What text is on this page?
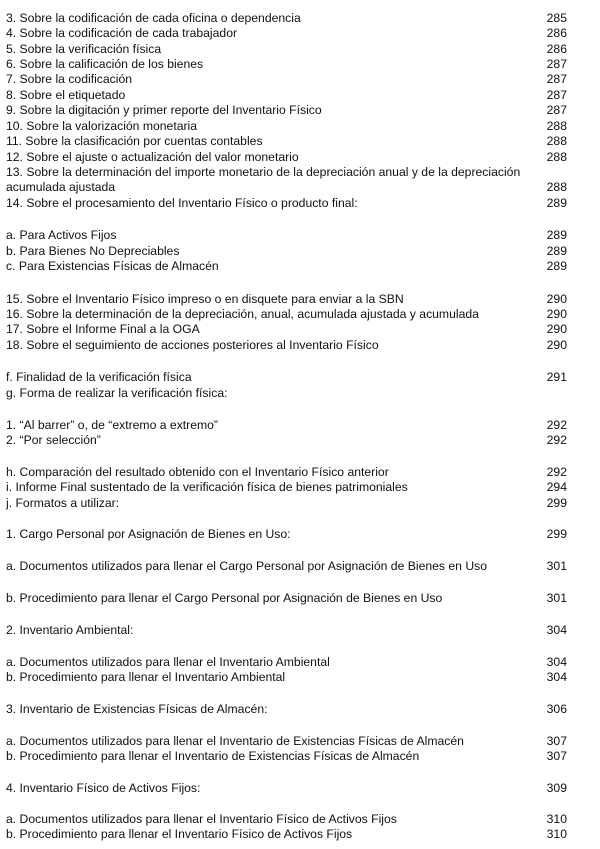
3. Sobre la codificación de cada oficina o dependencia	285
4. Sobre la codificación de cada trabajador	286
5. Sobre la verificación física	286
6. Sobre la calificación de los bienes	287
7. Sobre la codificación	287
8. Sobre el etiquetado	287
9. Sobre la digitación y primer reporte del Inventario Físico	287
10. Sobre la valorización monetaria	288
11. Sobre la clasificación por cuentas contables	288
12. Sobre el ajuste o actualización del valor monetario	288
13. Sobre la determinación del importe monetario de la depreciación anual y de la depreciación acumulada ajustada	288
14. Sobre el procesamiento del Inventario Físico o producto final:	289
a. Para Activos Fijos	289
b. Para Bienes No Depreciables	289
c. Para Existencias Físicas de Almacén	289
15. Sobre el Inventario Físico impreso o en disquete para enviar a la SBN	290
16. Sobre la determinación de la depreciación, anual, acumulada ajustada y acumulada	290
17. Sobre el Informe Final a la OGA	290
18. Sobre el seguimiento de acciones posteriores al Inventario Físico	290
f. Finalidad de la verificación física	291
g. Forma de realizar la verificación física:
1. “Al barrer” o, de “extremo a extremo”	292
2. “Por selección”	292
h. Comparación del resultado obtenido con el Inventario Físico anterior	292
i. Informe Final sustentado de la verificación física de bienes patrimoniales	294
j. Formatos a utilizar:	299
1. Cargo Personal por Asignación de Bienes en Uso:	299
a. Documentos utilizados para llenar el Cargo Personal por Asignación de Bienes en Uso	301
b. Procedimiento para llenar el Cargo Personal por Asignación de Bienes en Uso	301
2. Inventario Ambiental:	304
a. Documentos utilizados para llenar el Inventario Ambiental	304
b. Procedimiento para llenar el Inventario Ambiental	304
3. Inventario de Existencias Físicas de Almacén:	306
a. Documentos utilizados para llenar el Inventario de Existencias Físicas de Almacén	307
b. Procedimiento para llenar el Inventario de Existencias Físicas de Almacén	307
4. Inventario Físico de Activos Fijos:	309
a. Documentos utilizados para llenar el Inventario Físico de Activos Fijos	310
b. Procedimiento para llenar el Inventario Físico de Activos Fijos	310
